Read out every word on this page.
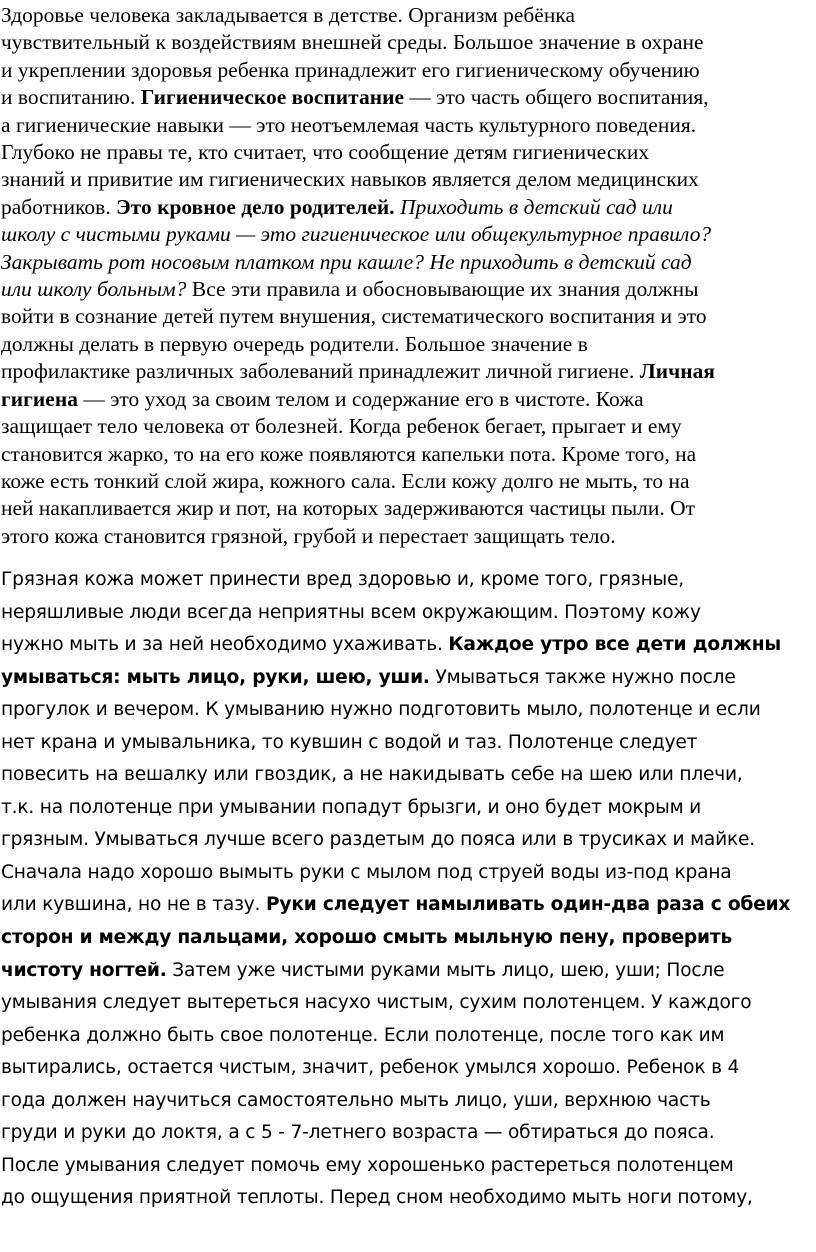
Здоровье человека закладывается в детстве. Организм ребёнка
чувствительный к воздействиям внешней среды. Большое значение в охране
и укреплении здоровья ребенка принадлежит его гигиеническому обучению
и воспитанию. Гигиеническое воспитание — это часть общего воспитания,
а гигиенические навыки — это неотъемлемая часть культурного поведения.
Глубоко не правы те, кто считает, что сообщение детям гигиенических
знаний и привитие им гигиенических навыков является делом медицинских
работников. Это кровное дело родителей. Приходить в детский сад или
школу с чистыми руками — это гигиеническое или общекультурное правило?
Закрывать рот носовым платком при кашле? Не приходить в детский сад
или школу больным? Все эти правила и обосновывающие их знания должны
войти в сознание детей путем внушения, систематического воспитания и это
должны делать в первую очередь родители. Большое значение в
профилактике различных заболеваний принадлежит личной гигиене. Личная
гигиена — это уход за своим телом и содержание его в чистоте. Кожа
защищает тело человека от болезней. Когда ребенок бегает, прыгает и ему
становится жарко, то на его коже появляются капельки пота. Кроме того, на
коже есть тонкий слой жира, кожного сала. Если кожу долго не мыть, то на
ней накапливается жир и пот, на которых задерживаются частицы пыли. От
этого кожа становится грязной, грубой и перестает защищать тело.
Грязная кожа может принести вред здоровью и, кроме того, грязные,
неряшливые люди всегда неприятны всем окружающим. Поэтому кожу
нужно мыть и за ней необходимо ухаживать. Каждое утро все дети должны
умываться: мыть лицо, руки, шею, уши. Умываться также нужно после
прогулок и вечером. К умыванию нужно подготовить мыло, полотенце и если
нет крана и умывальника, то кувшин с водой и таз. Полотенце следует
повесить на вешалку или гвоздик, а не накидывать себе на шею или плечи,
т.к. на полотенце при умывании попадут брызги, и оно будет мокрым и
грязным. Умываться лучше всего раздетым до пояса или в трусиках и майке.
Сначала надо хорошо вымыть руки с мылом под струей воды из-под крана
или кувшина, но не в тазу. Руки следует намыливать один-два раза с обеих
сторон и между пальцами, хорошо смыть мыльную пену, проверить
чистоту ногтей. Затем уже чистыми руками мыть лицо, шею, уши; После
умывания следует вытереться насухо чистым, сухим полотенцем. У каждого
ребенка должно быть свое полотенце. Если полотенце, после того как им
вытирались, остается чистым, значит, ребенок умылся хорошо. Ребенок в 4
года должен научиться самостоятельно мыть лицо, уши, верхнюю часть
груди и руки до локтя, а с 5 - 7-летнего возраста — обтираться до пояса.
После умывания следует помочь ему хорошенько растереться полотенцем
до ощущения приятной теплоты. Перед сном необходимо мыть ноги потому,
